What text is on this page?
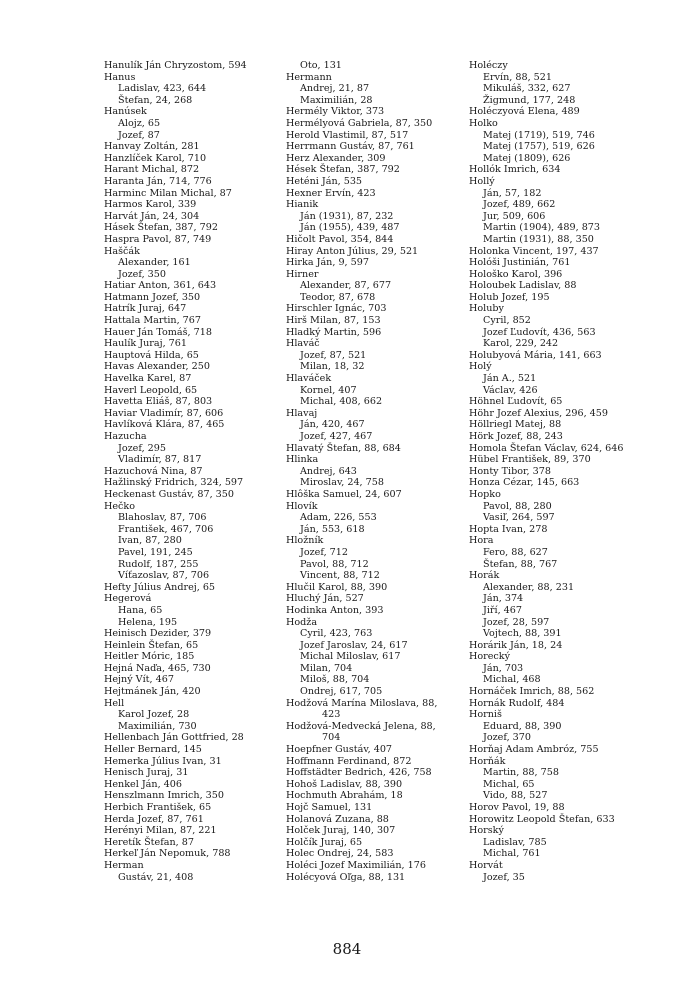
Hanulík Ján Chryzostom, 594
Hanus
Ladislav, 423, 644
Štefan, 24, 268
Hanúsek
Alojz, 65
Jozef, 87
Hanvay Zoltán, 281
Hanzlíček Karol, 710
Harant Michal, 872
Haranta Ján, 714, 776
Harminc Milan Michal, 87
Harmos Karol, 339
Harvát Ján, 24, 304
Hásek Štefan, 387, 792
Haspra Pavol, 87, 749
Haščák
Alexander, 161
Jozef, 350
Hatiar Anton, 361, 643
Hatmann Jozef, 350
Hatrík Juraj, 647
Hattala Martin, 767
Hauer Ján Tomáš, 718
Haulík Juraj, 761
Hauptová Hilda, 65
Havas Alexander, 250
Havelka Karel, 87
Haverl Leopold, 65
Havetta Eliáš, 87, 803
Haviar Vladimír, 87, 606
Havlíková Klára, 87, 465
Hazucha
Jozef, 295
Vladimír, 87, 817
Hazuchová Nina, 87
Hažlinský Fridrich, 324, 597
Heckenast Gustáv, 87, 350
Hečko
Blahoslav, 87, 706
František, 467, 706
Ivan, 87, 280
Pavel, 191, 245
Rudolf, 187, 255
Víťazoslav, 87, 706
Hefty Július Andrej, 65
Hegerová
Hana, 65
Helena, 195
Heinisch Dezider, 379
Heinlein Štefan, 65
Heitler Móric, 185
Hejná Naďa, 465, 730
Hejný Vít, 467
Hejtmánek Ján, 420
Hell
Karol Jozef, 28
Maximilián, 730
Hellenbach Ján Gottfried, 28
Heller Bernard, 145
Hemerka Július Ivan, 31
Henisch Juraj, 31
Henkel Ján, 406
Henszlmann Imrich, 350
Herbich František, 65
Herda Jozef, 87, 761
Herényi Milan, 87, 221
Heretík Štefan, 87
Herkeľ Ján Nepomuk, 788
Herman
Gustáv, 21, 408
Oto, 131
Hermann
Andrej, 21, 87
Maximilián, 28
Hermély Viktor, 373
Hermélyová Gabriela, 87, 350
Herold Vlastimil, 87, 517
Herrmann Gustáv, 87, 761
Herz Alexander, 309
Hések Štefan, 387, 792
Heténi Ján, 535
Hexner Ervín, 423
Hianik
Ján (1931), 87, 232
Ján (1955), 439, 487
Hičolt Pavol, 354, 844
Hiray Anton Július, 29, 521
Hirka Ján, 9, 597
Hirner
Alexander, 87, 677
Teodor, 87, 678
Hirschler Ignác, 703
Hirš Milan, 87, 153
Hladký Martin, 596
Hlaváč
Jozef, 87, 521
Milan, 18, 32
Hlaváček
Kornel, 407
Michal, 408, 662
Hlavaj
Ján, 420, 467
Jozef, 427, 467
Hlavatý Štefan, 88, 684
Hlinka
Andrej, 643
Miroslav, 24, 758
Hlôška Samuel, 24, 607
Hlovík
Adam, 226, 553
Ján, 553, 618
Hložník
Jozef, 712
Pavol, 88, 712
Vincent, 88, 712
Hlučil Karol, 88, 390
Hluchý Ján, 527
Hodinka Anton, 393
Hodža
Cyril, 423, 763
Jozef Jaroslav, 24, 617
Michal Miloslav, 617
Milan, 704
Miloš, 88, 704
Ondrej, 617, 705
Hodžová Marína Miloslava, 88,
423
Hodžová-Medvecká Jelena, 88,
704
Hoepfner Gustáv, 407
Hoffmann Ferdinand, 872
Hoffstädter Bedrich, 426, 758
Hohoš Ladislav, 88, 390
Hochmuth Abrahám, 18
Hojč Samuel, 131
Holanová Zuzana, 88
Holček Juraj, 140, 307
Holčík Juraj, 65
Holec Ondrej, 24, 583
Holéci Jozef Maximilián, 176
Holécyová Oľga, 88, 131
Holéczy
Ervín, 88, 521
Mikuláš, 332, 627
Žigmund, 177, 248
Holéczyová Elena, 489
Holko
Matej (1719), 519, 746
Matej (1757), 519, 626
Matej (1809), 626
Hollók Imrich, 634
Hollý
Ján, 57, 182
Jozef, 489, 662
Jur, 509, 606
Martin (1904), 489, 873
Martin (1931), 88, 350
Holonka Vincent, 197, 437
Holóši Justinián, 761
Hološko Karol, 396
Holoubek Ladislav, 88
Holub Jozef, 195
Holuby
Cyril, 852
Jozef Ľudovít, 436, 563
Karol, 229, 242
Holubyová Mária, 141, 663
Holý
Ján A., 521
Václav, 426
Höhnel Ľudovít, 65
Höhr Jozef Alexius, 296, 459
Höllriegl Matej, 88
Hörk Jozef, 88, 243
Homola Štefan Václav, 624, 646
Hübel František, 89, 370
Honty Tibor, 378
Honza Cézar, 145, 663
Hopko
Pavol, 88, 280
Vasiľ, 264, 597
Hopta Ivan, 278
Hora
Fero, 88, 627
Štefan, 88, 767
Horák
Alexander, 88, 231
Ján, 374
Jiří, 467
Jozef, 28, 597
Vojtech, 88, 391
Horárik Ján, 18, 24
Horecký
Ján, 703
Michal, 468
Hornáček Imrich, 88, 562
Hornák Rudolf, 484
Horniš
Eduard, 88, 390
Jozef, 370
Horňaj Adam Ambróz, 755
Horňák
Martin, 88, 758
Michal, 65
Vido, 88, 527
Horov Pavol, 19, 88
Horowitz Leopold Štefan, 633
Horský
Ladislav, 785
Michal, 761
Horvát
Jozef, 35
884
